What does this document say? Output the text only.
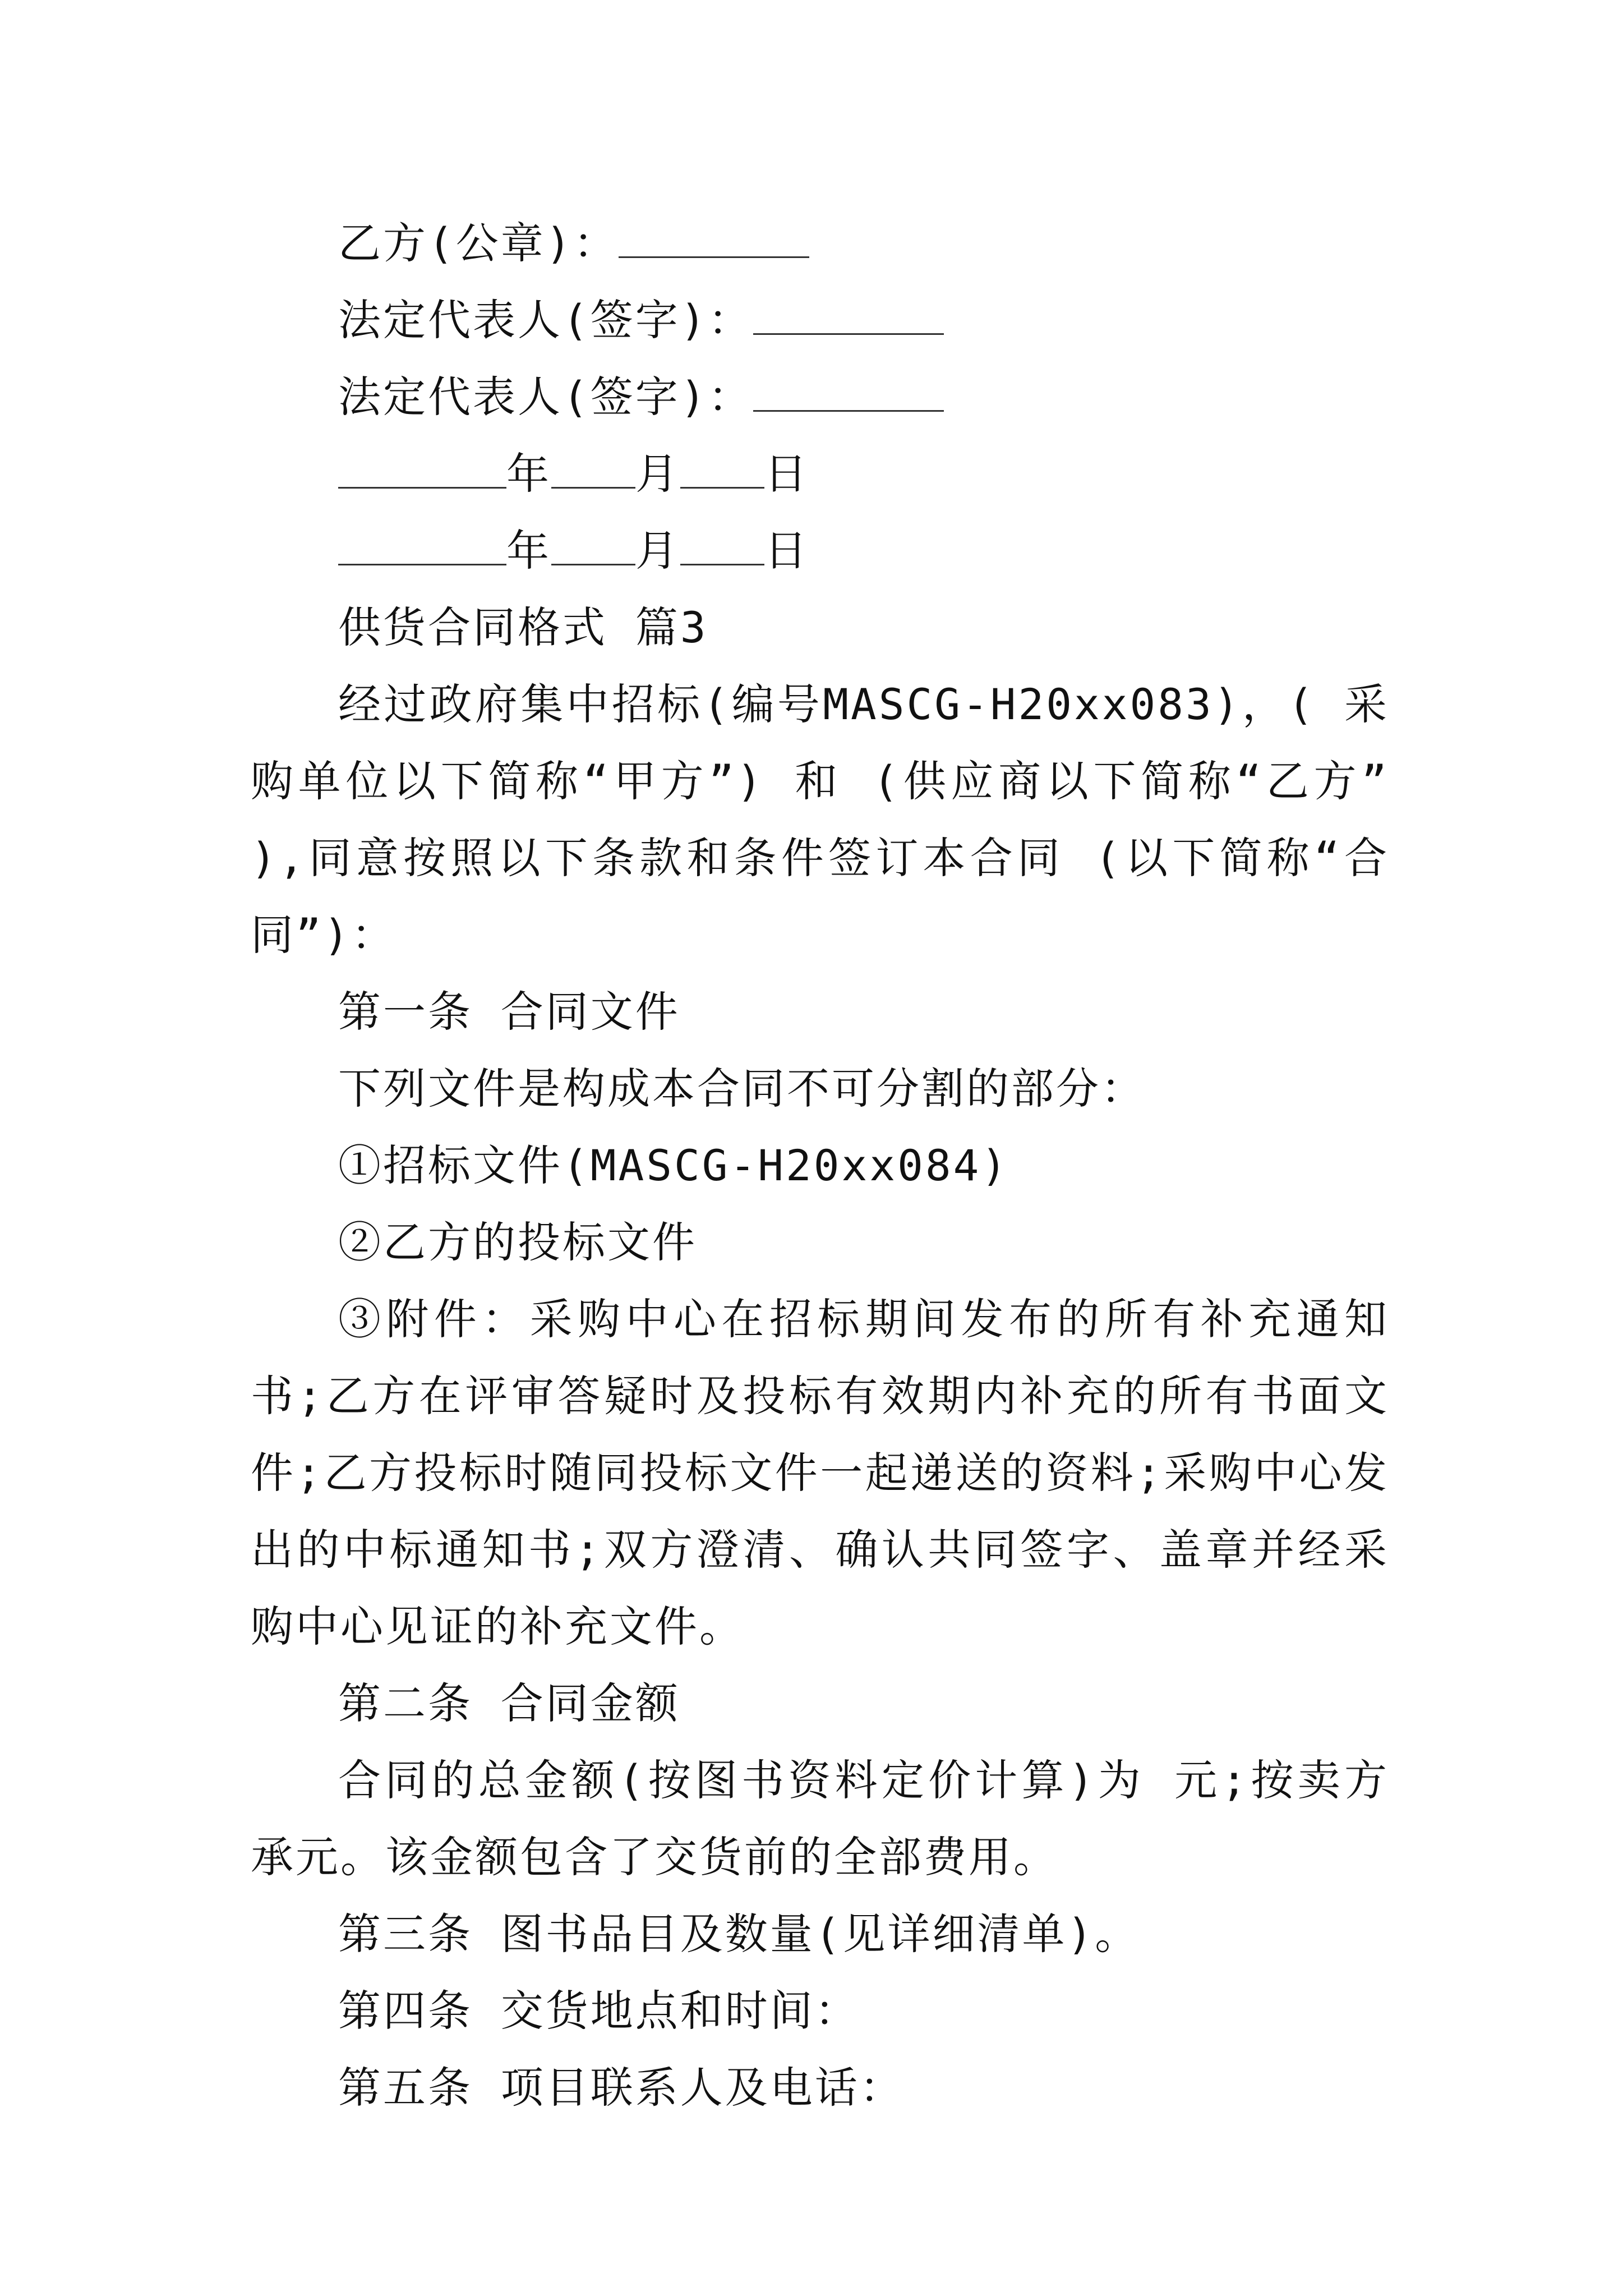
乙方(公章)：
法定代表人(签字)：
法定代表人(签字)：
年 月 日
年 月 日
供货合同格式 篇3
经过政府集中招标(编号MASCG-H20xx083)，( 采购单位以下简称“甲方”) 和 (供应商以下简称“乙方” ),同意按照以下条款和条件签订本合同 (以下简称“合同”)：
第一条 合同文件
下列文件是构成本合同不可分割的部分：
①招标文件(MASCG-H20xx084)
②乙方的投标文件
③附件：采购中心在招标期间发布的所有补充通知书;乙方在评审答疑时及投标有效期内补充的所有书面文件;乙方投标时随同投标文件一起递送的资料;采购中心发出的中标通知书;双方澄清、确认共同签字、盖章并经采购中心见证的补充文件。
第二条 合同金额
合同的总金额(按图书资料定价计算)为 元;按卖方承元。该金额包含了交货前的全部费用。
第三条 图书品目及数量(见详细清单)。
第四条 交货地点和时间：
第五条 项目联系人及电话：
